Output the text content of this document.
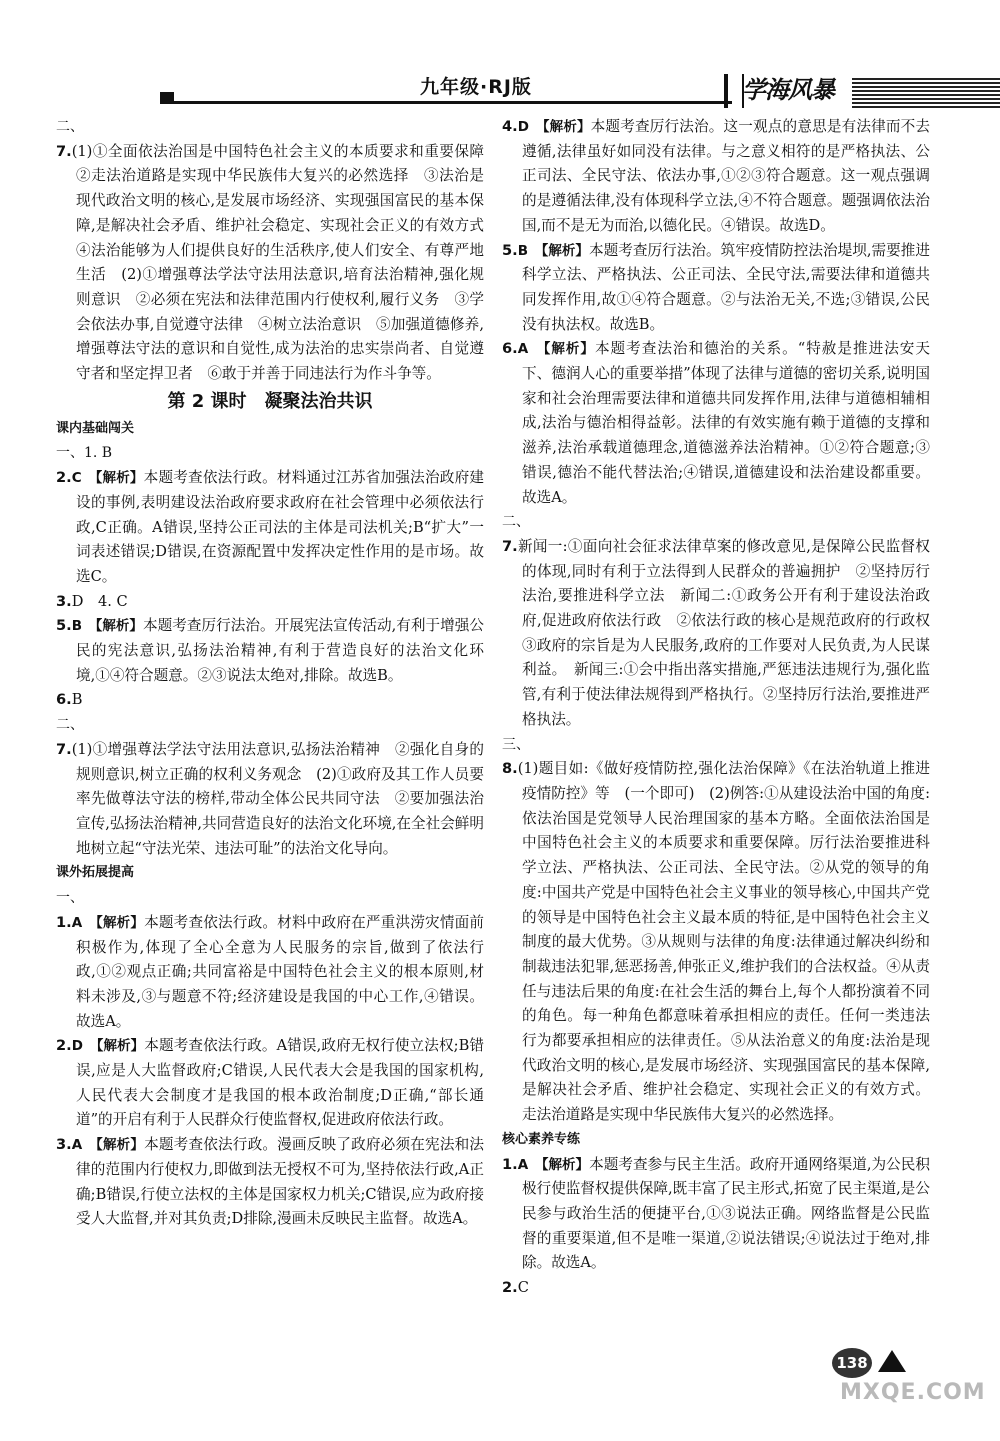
九年级·RJ版	学海风暴
二、
7.(1)①全面依法治国是中国特色社会主义的本质要求和重要保障　②走法治道路是实现中华民族伟大复兴的必然选择　③法治是现代政治文明的核心,是发展市场经济、实现强国富民的基本保障,是解决社会矛盾、维护社会稳定、实现社会正义的有效方式　④法治能够为人们提供良好的生活秩序,使人们安全、有尊严地生活　(2)①增强尊法学法守法用法意识,培育法治精神,强化规则意识　②必须在宪法和法律范围内行使权利,履行义务　③学会依法办事,自觉遵守法律　④树立法治意识　⑤加强道德修养,增强尊法守法的意识和自觉性,成为法治的忠实崇尚者、自觉遵守者和坚定捍卫者　⑥敢于并善于同违法行为作斗争等。
第 2 课时　凝聚法治共识
课内基础闯关
一、1. B
2.C　【解析】本题考查依法行政。材料通过江苏省加强法治政府建设的事例,表明建设法治政府要求政府在社会管理中必须依法行政,C正确。A错误,坚持公正司法的主体是司法机关;B“扩大”一词表述错误;D错误,在资源配置中发挥决定性作用的是市场。故选C。
3.D　4. C
5.B　【解析】本题考查厉行法治。开展宪法宣传活动,有利于增强公民的宪法意识,弘扬法治精神,有利于营造良好的法治文化环境,①④符合题意。②③说法太绝对,排除。故选B。
6.B
二、
7.(1)①增强尊法学法守法用法意识,弘扬法治精神　②强化自身的规则意识,树立正确的权利义务观念　(2)①政府及其工作人员要率先做尊法守法的榜样,带动全体公民共同守法　②要加强法治宣传,弘扬法治精神,共同营造良好的法治文化环境,在全社会鲜明地树立起“守法光荣、违法可耻”的法治文化导向。
课外拓展提高
一、
1.A　【解析】本题考查依法行政。材料中政府在严重洪涝灾情面前积极作为,体现了全心全意为人民服务的宗旨,做到了依法行政,①②观点正确;共同富裕是中国特色社会主义的根本原则,材料未涉及,③与题意不符;经济建设是我国的中心工作,④错误。故选A。
2.D　【解析】本题考查依法行政。A错误,政府无权行使立法权;B错误,应是人大监督政府;C错误,人民代表大会是我国的国家机构,人民代表大会制度才是我国的根本政治制度;D正确,“部长通道”的开启有利于人民群众行使监督权,促进政府依法行政。
3.A　【解析】本题考查依法行政。漫画反映了政府必须在宪法和法律的范围内行使权力,即做到法无授权不可为,坚持依法行政,A正确;B错误,行使立法权的主体是国家权力机关;C错误,应为政府接受人大监督,并对其负责;D排除,漫画未反映民主监督。故选A。
4.D　【解析】本题考查厉行法治。这一观点的意思是有法律而不去遵循,法律虽好如同没有法律。与之意义相符的是严格执法、公正司法、全民守法、依法办事,①②③符合题意。这一观点强调的是遵循法律,没有体现科学立法,④不符合题意。题强调依法治国,而不是无为而治,以德化民。④错误。故选D。
5.B　【解析】本题考查厉行法治。筑牢疫情防控法治堤坝,需要推进科学立法、严格执法、公正司法、全民守法,需要法律和道德共同发挥作用,故①④符合题意。②与法治无关,不选;③错误,公民没有执法权。故选B。
6.A　【解析】本题考查法治和德治的关系。“特赦是推进法安天下、德润人心的重要举措”体现了法律与道德的密切关系,说明国家和社会治理需要法律和道德共同发挥作用,法律与道德相辅相成,法治与德治相得益彰。法律的有效实施有赖于道德的支撑和滋养,法治承载道德理念,道德滋养法治精神。①②符合题意;③错误,德治不能代替法治;④错误,道德建设和法治建设都重要。故选A。
二、
7.新闻一:①面向社会征求法律草案的修改意见,是保障公民监督权的体现,同时有利于立法得到人民群众的普遍拥护　②坚持厉行法治,要推进科学立法　新闻二:①政务公开有利于建设法治政府,促进政府依法行政　②依法行政的核心是规范政府的行政权　③政府的宗旨是为人民服务,政府的工作要对人民负责,为人民谋利益。　新闻三:①会中指出落实措施,严惩违法违规行为,强化监管,有利于使法律法规得到严格执行。②坚持厉行法治,要推进严格执法。
三、
8.(1)题目如:《做好疫情防控,强化法治保障》《在法治轨道上推进疫情防控》等　(一个即可)　(2)例答:①从建设法治中国的角度:依法治国是党领导人民治理国家的基本方略。全面依法治国是中国特色社会主义的本质要求和重要保障。厉行法治要推进科学立法、严格执法、公正司法、全民守法。②从党的领导的角度:中国共产党是中国特色社会主义事业的领导核心,中国共产党的领导是中国特色社会主义最本质的特征,是中国特色社会主义制度的最大优势。③从规则与法律的角度:法律通过解决纠纷和制裁违法犯罪,惩恶扬善,伸张正义,维护我们的合法权益。④从责任与违法后果的角度:在社会生活的舞台上,每个人都扮演着不同的角色。每一种角色都意味着承担相应的责任。任何一类违法行为都要承担相应的法律责任。⑤从法治意义的角度:法治是现代政治文明的核心,是发展市场经济、实现强国富民的基本保障,是解决社会矛盾、维护社会稳定、实现社会正义的有效方式。走法治道路是实现中华民族伟大复兴的必然选择。
核心素养专练
1.A　【解析】本题考查参与民主生活。政府开通网络渠道,为公民积极行使监督权提供保障,既丰富了民主形式,拓宽了民主渠道,是公民参与政治生活的便捷平台,①③说法正确。网络监督是公民监督的重要渠道,但不是唯一渠道,②说法错误;④说法过于绝对,排除。故选A。
2.C
138
MXQE.COM
